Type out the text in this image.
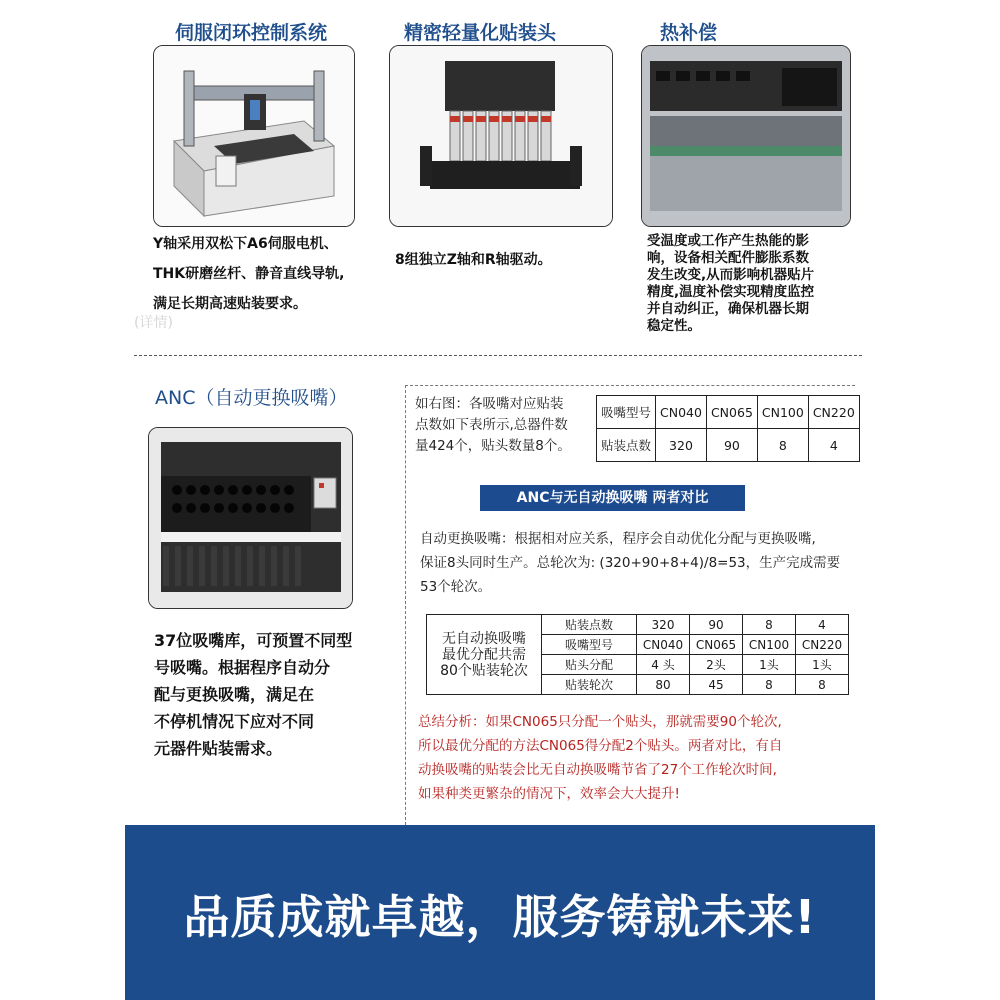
伺服闭环控制系统	精密轻量化贴装头	热补偿
Y轴采用双松下A6伺服电机、
THK研磨丝杆、静音直线导轨,
满足长期高速贴装要求。
8组独立Z轴和R轴驱动。
受温度或工作产生热能的影
响，设备相关配件膨胀系数
发生改变,从而影响机器贴片
精度,温度补偿实现精度监控
并自动纠正，确保机器长期
稳定性。
(详情)
ANC（自动更换吸嘴）
37位吸嘴库，可预置不同型
号吸嘴。根据程序自动分
配与更换吸嘴，满足在
不停机情况下应对不同
元器件贴装需求。
如右图：各吸嘴对应贴装
点数如下表所示,总器件数
量424个，贴头数量8个。
吸嘴型号	CN040	CN065	CN100	CN220
贴装点数	320	90	8	4
ANC与无自动换吸嘴 两者对比
自动更换吸嘴：根据相对应关系，程序会自动优化分配与更换吸嘴,
保证8头同时生产。总轮次为: (320+90+8+4)/8=53，生产完成需要
53个轮次。
无自动换吸嘴
最优分配共需
80个贴装轮次	贴装点数	320	90	8	4
	吸嘴型号	CN040	CN065	CN100	CN220
	贴头分配	4 头	2头	1头	1头
	贴装轮次	80	45	8	8
总结分析：如果CN065只分配一个贴头，那就需要90个轮次,
所以最优分配的方法CN065得分配2个贴头。两者对比，有自
动换吸嘴的贴装会比无自动换吸嘴节省了27个工作轮次时间,
如果种类更繁杂的情况下，效率会大大提升!
品质成就卓越，服务铸就未来!
